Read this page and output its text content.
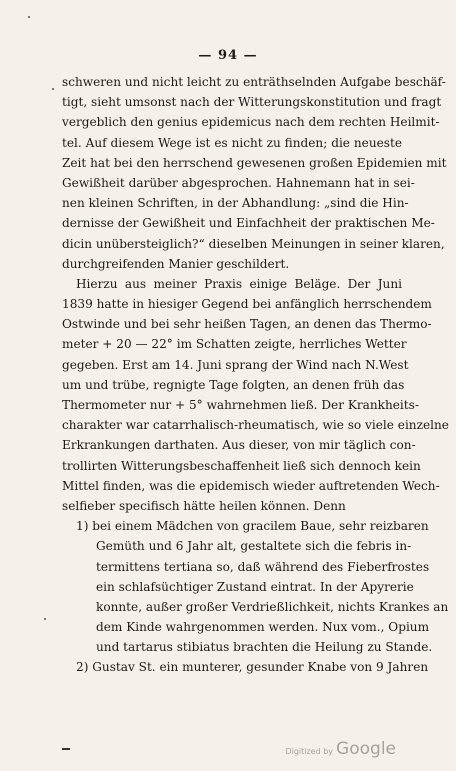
— 94 —
schweren und nicht leicht zu enträthselnden Aufgabe beschäf-
tigt, sieht umsonst nach der Witterungskonstitution und fragt
vergeblich den genius epidemicus nach dem rechten Heilmit-
tel. Auf diesem Wege ist es nicht zu finden; die neueste
Zeit hat bei den herrschend gewesenen großen Epidemien mit
Gewißheit darüber abgesprochen. Hahnemann hat in sei-
nen kleinen Schriften, in der Abhandlung: „sind die Hin-
dernisse der Gewißheit und Einfachheit der praktischen Me-
dicin unübersteiglich?“ dieselben Meinungen in seiner klaren,
durchgreifenden Manier geschildert.
Hierzu aus meiner Praxis einige Beläge. Der Juni
1839 hatte in hiesiger Gegend bei anfänglich herrschendem
Ostwinde und bei sehr heißen Tagen, an denen das Thermo-
meter + 20 — 22° im Schatten zeigte, herrliches Wetter
gegeben. Erst am 14. Juni sprang der Wind nach N.West
um und trübe, regnigte Tage folgten, an denen früh das
Thermometer nur + 5° wahrnehmen ließ. Der Krankheits-
charakter war catarrhalisch-rheumatisch, wie so viele einzelne
Erkrankungen darthaten. Aus dieser, von mir täglich con-
trollirten Witterungsbeschaffenheit ließ sich dennoch kein
Mittel finden, was die epidemisch wieder auftretenden Wech-
selfieber specifisch hätte heilen können. Denn
1) bei einem Mädchen von gracilem Baue, sehr reizbaren
Gemüth und 6 Jahr alt, gestaltete sich die febris in-
termittens tertiana so, daß während des Fieberfrostes
ein schlafsüchtiger Zustand eintrat. In der Apyrerie
konnte, außer großer Verdrießlichkeit, nichts Krankes an
dem Kinde wahrgenommen werden. Nux vom., Opium
und tartarus stibiatus brachten die Heilung zu Stande.
2) Gustav St. ein munterer, gesunder Knabe von 9 Jahren
Digitized by Google
